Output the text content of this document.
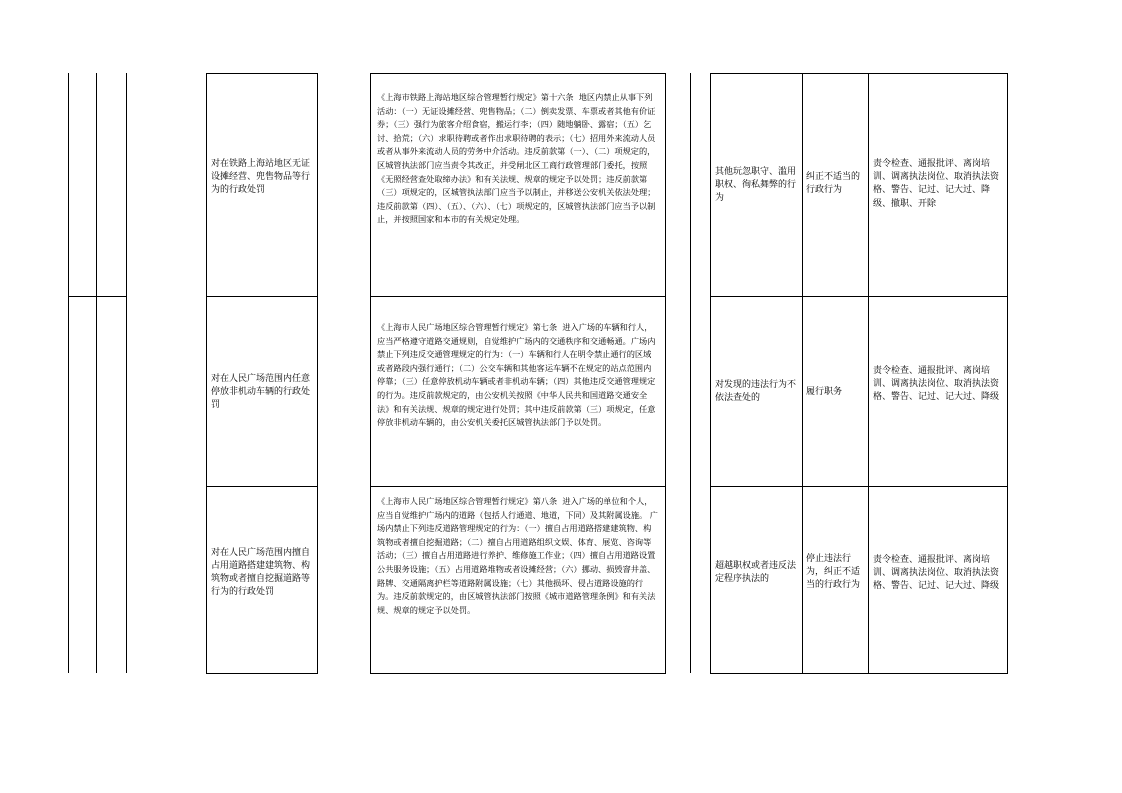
对在铁路上海站地区无证设摊经营、兜售物品等行为的行政处罚
《上海市铁路上海站地区综合管理暂行规定》第十六条  地区内禁止从事下列活动：（一）无证设摊经营、兜售物品；（二）倒卖发票、车票或者其他有价证券；（三）强行为旅客介绍食宿，搬运行李；（四）随地躺卧、露宿；（五）乞讨、拾荒；（六）求职待聘或者作出求职待聘的表示；（七）招用外来流动人员或者从事外来流动人员的劳务中介活动。违反前款第（一）、（二）项规定的，区城管执法部门应当责令其改正，并受闸北区工商行政管理部门委托，按照《无照经营查处取缔办法》和有关法规、规章的规定予以处罚；违反前款第（三）项规定的，区城管执法部门应当予以制止，并移送公安机关依法处理；违反前款第（四）、（五）、（六）、（七）项规定的，区城管执法部门应当予以制止，并按照国家和本市的有关规定处理。
其他玩忽职守、滥用职权、徇私舞弊的行为
纠正不适当的行政行为
责令检查、通报批评、离岗培训、调离执法岗位、取消执法资格、警告、记过、记大过、降级、撤职、开除
对在人民广场范围内任意停放非机动车辆的行政处罚
《上海市人民广场地区综合管理暂行规定》第七条  进入广场的车辆和行人，应当严格遵守道路交通规则，自觉维护广场内的交通秩序和交通畅通。广场内禁止下列违反交通管理规定的行为：（一）车辆和行人在明令禁止通行的区域或者路段内强行通行；（二）公交车辆和其他客运车辆不在规定的站点范围内停靠；（三）任意停放机动车辆或者非机动车辆；（四）其他违反交通管理规定的行为。违反前款规定的，由公安机关按照《中华人民共和国道路交通安全法》和有关法规、规章的规定进行处罚；其中违反前款第（三）项规定，任意停放非机动车辆的，由公安机关委托区城管执法部门予以处罚。
对发现的违法行为不依法查处的
履行职务
责令检查、通报批评、离岗培训、调离执法岗位、取消执法资格、警告、记过、记大过、降级
对在人民广场范围内擅自占用道路搭建建筑物、构筑物或者擅自挖掘道路等行为的行政处罚
《上海市人民广场地区综合管理暂行规定》第八条  进入广场的单位和个人，应当自觉维护广场内的道路（包括人行通道、地道，下同）及其附属设施。 广场内禁止下列违反道路管理规定的行为：（一）擅自占用道路搭建建筑物、构筑物或者擅自挖掘道路；（二）擅自占用道路组织文娱、体育、展览、咨询等活动；（三）擅自占用道路进行养护、维修施工作业；（四）擅自占用道路设置公共服务设施；（五）占用道路堆物或者设摊经营；（六）挪动、损毁窨井盖、路牌、交通隔离护栏等道路附属设施；（七）其他损坏、侵占道路设施的行为。违反前款规定的，由区城管执法部门按照《城市道路管理条例》和有关法规、规章的规定予以处罚。
超越职权或者违反法定程序执法的
停止违法行为，纠正不适当的行政行为
责令检查、通报批评、离岗培训、调离执法岗位、取消执法资格、警告、记过、记大过、降级
